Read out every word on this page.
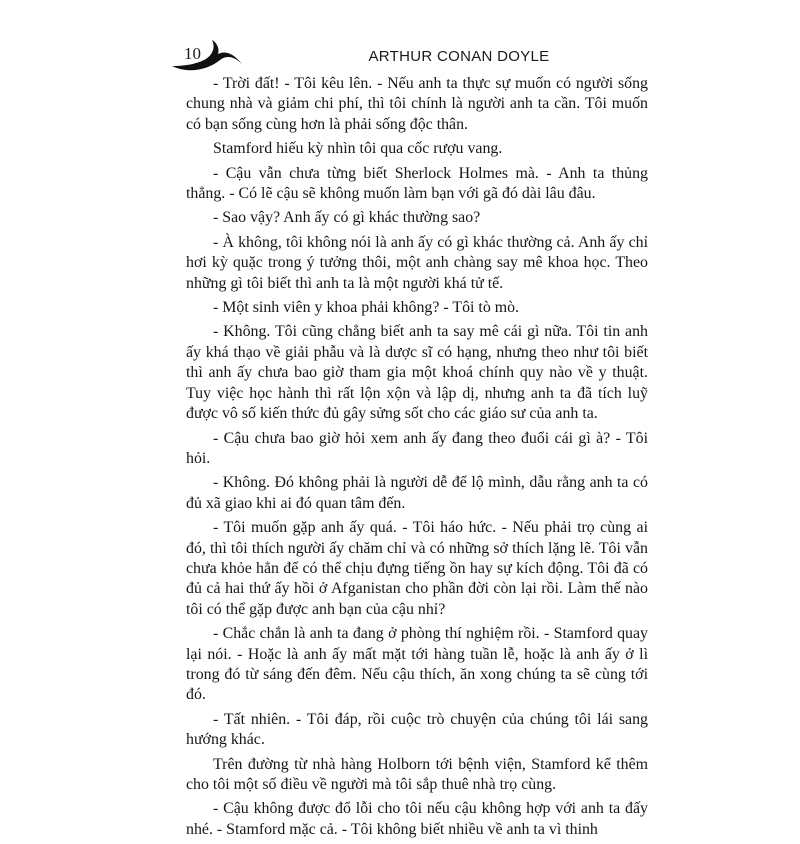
10	ARTHUR CONAN DOYLE

- Trời đất! - Tôi kêu lên. - Nếu anh ta thực sự muốn có người sống chung nhà và giảm chi phí, thì tôi chính là người anh ta cần. Tôi muốn có bạn sống cùng hơn là phải sống độc thân.

Stamford hiếu kỳ nhìn tôi qua cốc rượu vang.

- Cậu vẫn chưa từng biết Sherlock Holmes mà. - Anh ta thủng thẳng. - Có lẽ cậu sẽ không muốn làm bạn với gã đó dài lâu đâu.

- Sao vậy? Anh ấy có gì khác thường sao?

- À không, tôi không nói là anh ấy có gì khác thường cả. Anh ấy chỉ hơi kỳ quặc trong ý tưởng thôi, một anh chàng say mê khoa học. Theo những gì tôi biết thì anh ta là một người khá tử tế.

- Một sinh viên y khoa phải không? - Tôi tò mò.

- Không. Tôi cũng chẳng biết anh ta say mê cái gì nữa. Tôi tin anh ấy khá thạo về giải phẫu và là dược sĩ có hạng, nhưng theo như tôi biết thì anh ấy chưa bao giờ tham gia một khoá chính quy nào về y thuật. Tuy việc học hành thì rất lộn xộn và lập dị, nhưng anh ta đã tích luỹ được vô số kiến thức đủ gây sửng sốt cho các giáo sư của anh ta.

- Cậu chưa bao giờ hỏi xem anh ấy đang theo đuổi cái gì à? - Tôi hỏi.

- Không. Đó không phải là người dễ để lộ mình, dẫu rằng anh ta có đủ xã giao khi ai đó quan tâm đến.

- Tôi muốn gặp anh ấy quá. - Tôi háo hức. - Nếu phải trọ cùng ai đó, thì tôi thích người ấy chăm chỉ và có những sở thích lặng lẽ. Tôi vẫn chưa khỏe hẳn để có thể chịu đựng tiếng ồn hay sự kích động. Tôi đã có đủ cả hai thứ ấy hồi ở Afganistan cho phần đời còn lại rồi. Làm thế nào tôi có thể gặp được anh bạn của cậu nhỉ?

- Chắc chắn là anh ta đang ở phòng thí nghiệm rồi. - Stamford quay lại nói. - Hoặc là anh ấy mất mặt tới hàng tuần lễ, hoặc là anh ấy ở lì trong đó từ sáng đến đêm. Nếu cậu thích, ăn xong chúng ta sẽ cùng tới đó.

- Tất nhiên. - Tôi đáp, rồi cuộc trò chuyện của chúng tôi lái sang hướng khác.

Trên đường từ nhà hàng Holborn tới bệnh viện, Stamford kể thêm cho tôi một số điều về người mà tôi sắp thuê nhà trọ cùng.

- Cậu không được đổ lỗi cho tôi nếu cậu không hợp với anh ta đấy nhé. - Stamford mặc cả. - Tôi không biết nhiều về anh ta vì thinh
